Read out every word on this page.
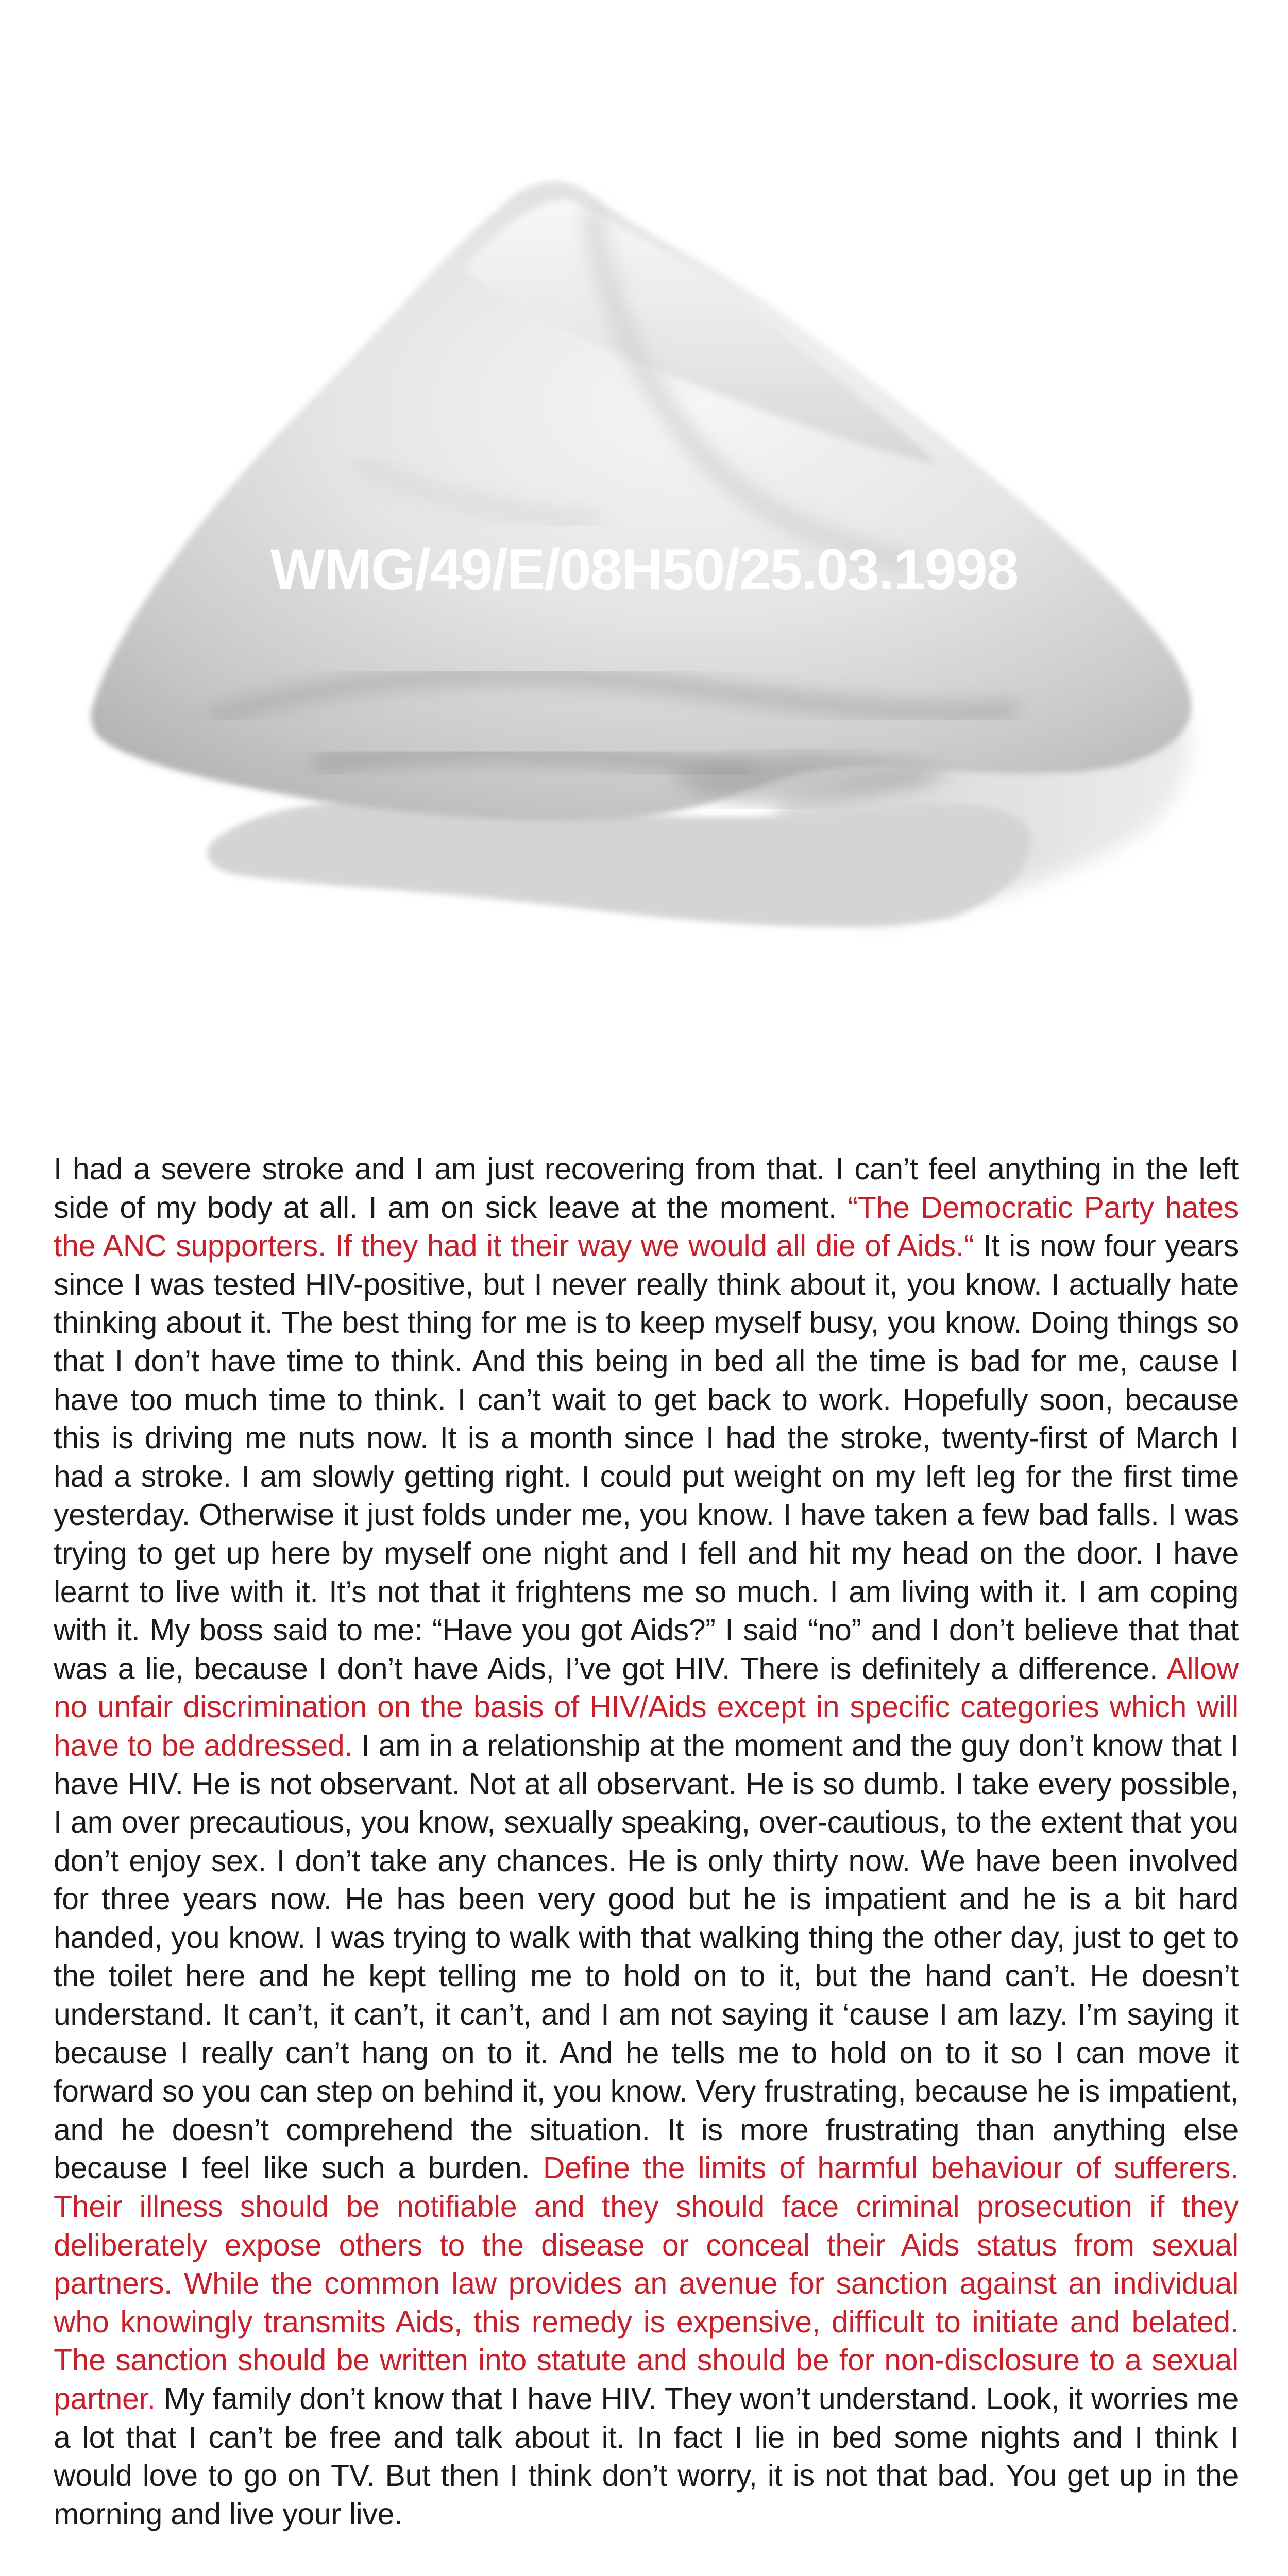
WMG/49/E/08H50/25.03.1998

I had a severe stroke and I am just recovering from that. I can’t feel anything in the left side of my body at all. I am on sick leave at the moment. “The Democratic Party hates the ANC supporters. If they had it their way we would all die of Aids.“ It is now four years since I was tested HIV-positive, but I never really think about it, you know. I actually hate thinking about it. The best thing for me is to keep myself busy, you know. Doing things so that I don’t have time to think. And this being in bed all the time is bad for me, cause I have too much time to think. I can’t wait to get back to work. Hopefully soon, because this is driving me nuts now. It is a month since I had the stroke, twenty-first of March I had a stroke. I am slowly getting right. I could put weight on my left leg for the first time yesterday. Otherwise it just folds under me, you know. I have taken a few bad falls. I was trying to get up here by myself one night and I fell and hit my head on the door. I have learnt to live with it. It’s not that it frightens me so much. I am living with it. I am coping with it. My boss said to me: “Have you got Aids?” I said “no” and I don’t believe that that was a lie, because I don’t have Aids, I’ve got HIV. There is definitely a difference. Allow no unfair discrimination on the basis of HIV/Aids except in specific categories which will have to be addressed. I am in a relationship at the moment and the guy don’t know that I have HIV. He is not observant. Not at all observant. He is so dumb. I take every possible, I am over precautious, you know, sexually speaking, over-cautious, to the extent that you don’t enjoy sex. I don’t take any chances. He is only thirty now. We have been involved for three years now. He has been very good but he is impatient and he is a bit hard handed, you know. I was trying to walk with that walking thing the other day, just to get to the toilet here and he kept telling me to hold on to it, but the hand can’t. He doesn’t understand. It can’t, it can’t, it can’t, and I am not saying it ‘cause I am lazy. I’m saying it because I really can’t hang on to it. And he tells me to hold on to it so I can move it forward so you can step on behind it, you know. Very frustrating, because he is impatient, and he doesn’t comprehend the situation. It is more frustrating than anything else because I feel like such a burden. Define the limits of harmful behaviour of sufferers. Their illness should be notifiable and they should face criminal prosecution if they deliberately expose others to the disease or conceal their Aids status from sexual partners. While the common law provides an avenue for sanction against an individual who knowingly transmits Aids, this remedy is expensive, difficult to initiate and belated. The sanction should be written into statute and should be for non-disclosure to a sexual partner. My family don’t know that I have HIV. They won’t understand. Look, it worries me a lot that I can’t be free and talk about it. In fact I lie in bed some nights and I think I would love to go on TV. But then I think don’t worry, it is not that bad. You get up in the morning and live your live.
